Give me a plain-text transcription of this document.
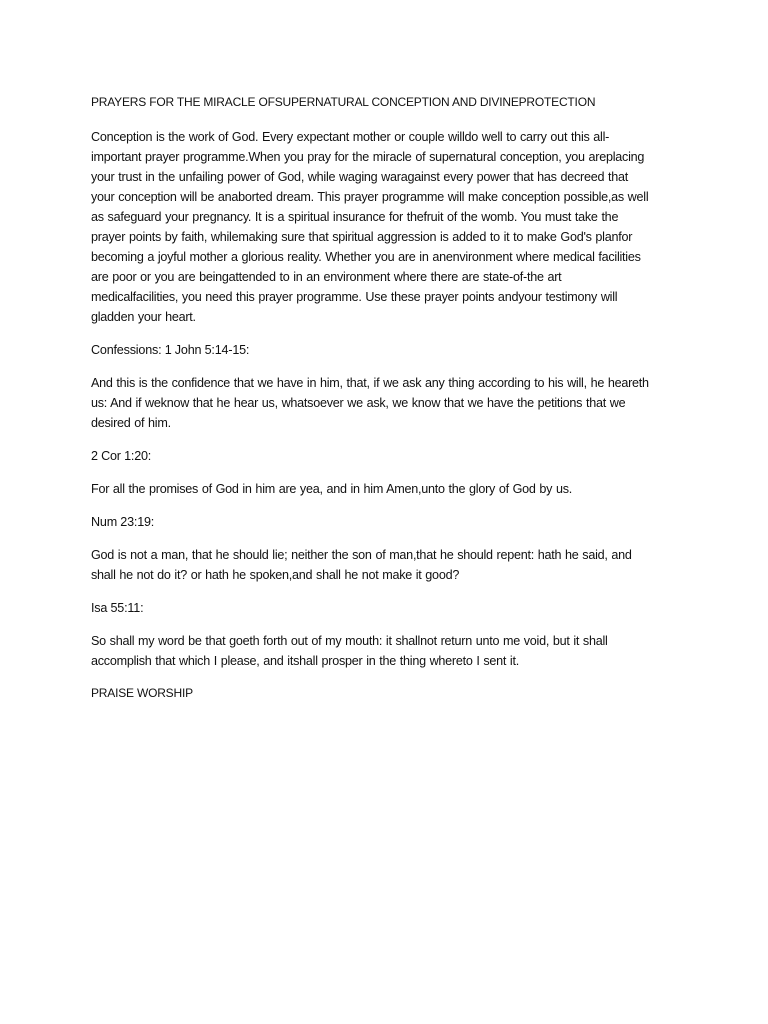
PRAYERS FOR THE MIRACLE OFSUPERNATURAL CONCEPTION AND DIVINEPROTECTION
Conception is the work of God. Every expectant mother or couple willdo well to carry out this all-
important prayer programme.When you pray for the miracle of supernatural conception, you areplacing
your trust in the unfailing power of God, while waging waragainst every power that has decreed that
your conception will be anaborted dream. This prayer programme will make conception possible,as well
as safeguard your pregnancy. It is a spiritual insurance for thefruit of the womb. You must take the
prayer points by faith, whilemaking sure that spiritual aggression is added to it to make God's planfor
becoming a joyful mother a glorious reality. Whether you are in anenvironment where medical facilities
are poor or you are beingattended to in an environment where there are state-of-the art
medicalfacilities, you need this prayer programme. Use these prayer points andyour testimony will
gladden your heart.
Confessions: 1 John 5:14-15:
And this is the confidence that we have in him, that, if we ask any thing according to his will, he heareth
us: And if weknow that he hear us, whatsoever we ask, we know that we have the petitions that we
desired of him.
2 Cor 1:20:
For all the promises of God in him are yea, and in him Amen,unto the glory of God by us.
Num 23:19:
God is not a man, that he should lie; neither the son of man,that he should repent: hath he said, and
shall he not do it? or hath he spoken,and shall he not make it good?
Isa 55:11:
So shall my word be that goeth forth out of my mouth: it shallnot return unto me void, but it shall
accomplish that which I please, and itshall prosper in the thing whereto I sent it.
PRAISE WORSHIP
